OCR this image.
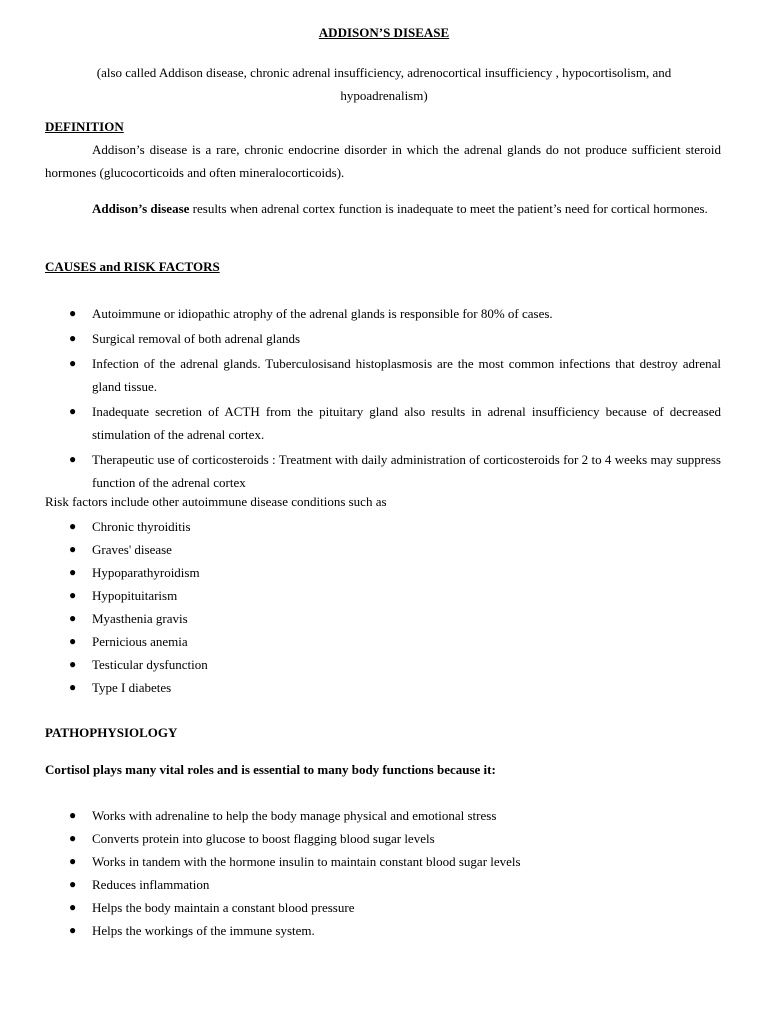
ADDISON’S DISEASE

(also called Addison disease, chronic adrenal insufficiency, adrenocortical insufficiency , hypocortisolism, and hypoadrenalism)

DEFINITION

Addison’s disease is a rare, chronic endocrine disorder in which the adrenal glands do not produce sufficient steroid hormones (glucocorticoids and often mineralocorticoids).

Addison’s disease results when adrenal cortex function is inadequate to meet the patient’s need for cortical hormones.

CAUSES and RISK FACTORS
● Autoimmune or idiopathic atrophy of the adrenal glands is responsible for 80% of cases.
● Surgical removal of both adrenal glands
● Infection of the adrenal glands. Tuberculosisand histoplasmosis are the most common infections that destroy adrenal gland tissue.
● Inadequate secretion of ACTH from the pituitary gland also results in adrenal insufficiency because of decreased stimulation of the adrenal cortex.
● Therapeutic use of corticosteroids : Treatment with daily administration of corticosteroids for 2 to 4 weeks may suppress function of the adrenal cortex

Risk factors include other autoimmune disease conditions such as

● Chronic thyroiditis
● Graves' disease
● Hypoparathyroidism
● Hypopituitarism
● Myasthenia gravis
● Pernicious anemia
● Testicular dysfunction
● Type I diabetes
PATHOPHYSIOLOGY

Cortisol plays many vital roles and is essential to many body functions because it:

● Works with adrenaline to help the body manage physical and emotional stress
● Converts protein into glucose to boost flagging blood sugar levels
● Works in tandem with the hormone insulin to maintain constant blood sugar levels
● Reduces inflammation
● Helps the body maintain a constant blood pressure
● Helps the workings of the immune system.
